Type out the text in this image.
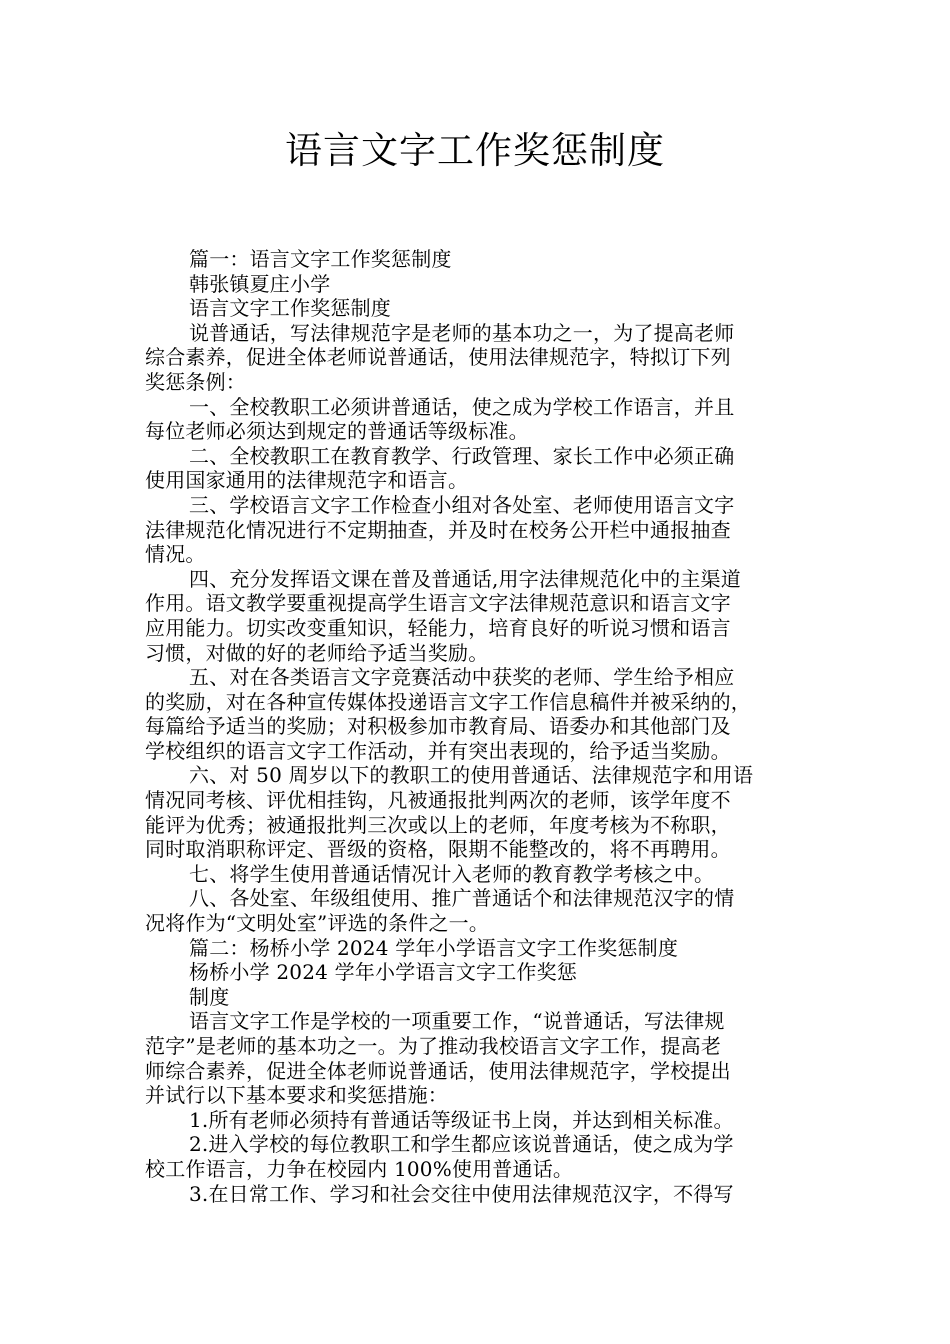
语言文字工作奖惩制度
篇一：语言文字工作奖惩制度
韩张镇夏庄小学
语言文字工作奖惩制度
说普通话，写法律规范字是老师的基本功之一，为了提高老师
综合素养，促进全体老师说普通话，使用法律规范字，特拟订下列
奖惩条例：
一、全校教职工必须讲普通话，使之成为学校工作语言，并且
每位老师必须达到规定的普通话等级标准。
二、全校教职工在教育教学、行政管理、家长工作中必须正确
使用国家通用的法律规范字和语言。
三、学校语言文字工作检查小组对各处室、老师使用语言文字
法律规范化情况进行不定期抽查，并及时在校务公开栏中通报抽查
情况。
四、充分发挥语文课在普及普通话,用字法律规范化中的主渠道
作用。语文教学要重视提高学生语言文字法律规范意识和语言文字
应用能力。切实改变重知识，轻能力，培育良好的听说习惯和语言
习惯，对做的好的老师给予适当奖励。
五、对在各类语言文字竞赛活动中获奖的老师、学生给予相应
的奖励，对在各种宣传媒体投递语言文字工作信息稿件并被采纳的，
每篇给予适当的奖励；对积极参加市教育局、语委办和其他部门及
学校组织的语言文字工作活动，并有突出表现的，给予适当奖励。
六、对 50 周岁以下的教职工的使用普通话、法律规范字和用语
情况同考核、评优相挂钩，凡被通报批判两次的老师，该学年度不
能评为优秀；被通报批判三次或以上的老师，年度考核为不称职，
同时取消职称评定、晋级的资格，限期不能整改的，将不再聘用。
七、将学生使用普通话情况计入老师的教育教学考核之中。
八、各处室、年级组使用、推广普通话个和法律规范汉字的情
况将作为“文明处室”评选的条件之一。
篇二：杨桥小学 2024 学年小学语言文字工作奖惩制度
杨桥小学 2024 学年小学语言文字工作奖惩
制度
语言文字工作是学校的一项重要工作，“说普通话，写法律规
范字”是老师的基本功之一。为了推动我校语言文字工作，提高老
师综合素养，促进全体老师说普通话，使用法律规范字，学校提出
并试行以下基本要求和奖惩措施：
1.所有老师必须持有普通话等级证书上岗，并达到相关标准。
2.进入学校的每位教职工和学生都应该说普通话，使之成为学
校工作语言，力争在校园内 100%使用普通话。
3.在日常工作、学习和社会交往中使用法律规范汉字，不得写
